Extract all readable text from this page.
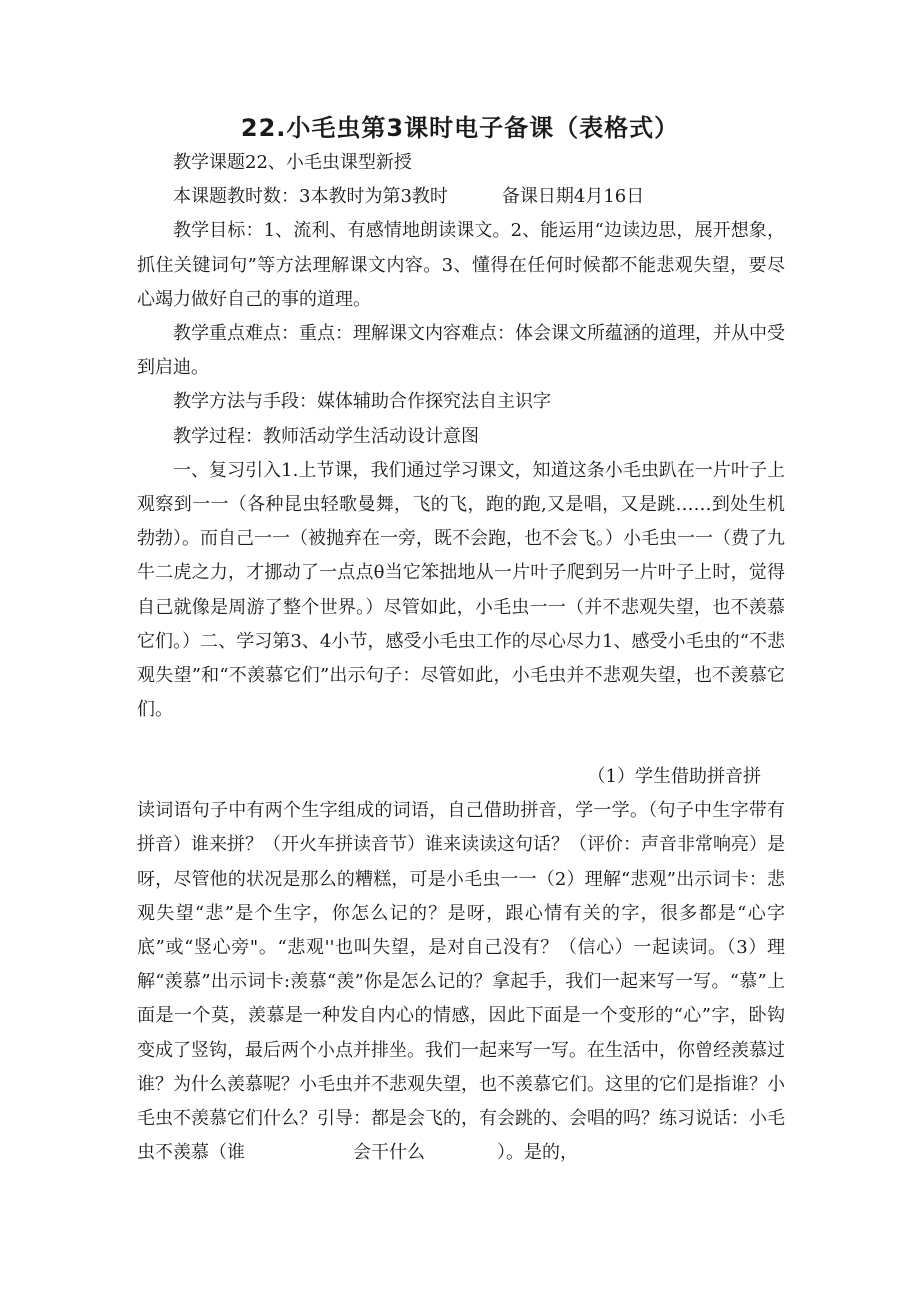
22.小毛虫第3课时电子备课（表格式）

教学课题22、小毛虫课型新授

本课题教时数：3本教时为第3教时　　　备课日期4月16日

教学目标：1、流利、有感情地朗读课文。2、能运用“边读边思，展开想象，抓住关键词句”等方法理解课文内容。3、懂得在任何时候都不能悲观失望，要尽心竭力做好自己的事的道理。

教学重点难点：重点：理解课文内容难点：体会课文所蕴涵的道理，并从中受到启迪。

教学方法与手段：媒体辅助合作探究法自主识字

教学过程：教师活动学生活动设计意图

一、复习引入1.上节课，我们通过学习课文，知道这条小毛虫趴在一片叶子上观察到一一（各种昆虫轻歌曼舞，飞的飞，跑的跑,又是唱，又是跳……到处生机勃勃）。而自己一一（被抛弃在一旁，既不会跑，也不会飞。）小毛虫一一（费了九牛二虎之力，才挪动了一点点θ当它笨拙地从一片叶子爬到另一片叶子上时，觉得自己就像是周游了整个世界。）尽管如此，小毛虫一一（并不悲观失望，也不羡慕它们。）二、学习第3、4小节，感受小毛虫工作的尽心尽力1、感受小毛虫的“不悲观失望”和“不羡慕它们”出示句子：尽管如此，小毛虫并不悲观失望，也不羡慕它们。

（1）学生借助拼音拼

读词语句子中有两个生字组成的词语，自己借助拼音，学一学。（句子中生字带有拼音）谁来拼？（开火车拼读音节）谁来读读这句话？（评价：声音非常响亮）是呀，尽管他的状况是那么的糟糕，可是小毛虫一一（2）理解“悲观”出示词卡：悲观失望“悲”是个生字，你怎么记的？是呀，跟心情有关的字，很多都是“心字底”或“竖心旁"。“悲观''也叫失望，是对自己没有？（信心）一起读词。（3）理解“羡慕”出示词卡:羡慕“羡”你是怎么记的？拿起手，我们一起来写一写。“慕”上面是一个莫，羡慕是一种发自内心的情感，因此下面是一个变形的“心”字，卧钩变成了竖钩，最后两个小点并排坐。我们一起来写一写。在生活中，你曾经羡慕过谁？为什么羡慕呢？小毛虫并不悲观失望，也不羡慕它们。这里的它们是指谁？小毛虫不羡慕它们什么？引导：都是会飞的，有会跳的、会唱的吗？练习说话：小毛虫不羡慕（谁　　　　　　会干什么　　　　）。是的，
